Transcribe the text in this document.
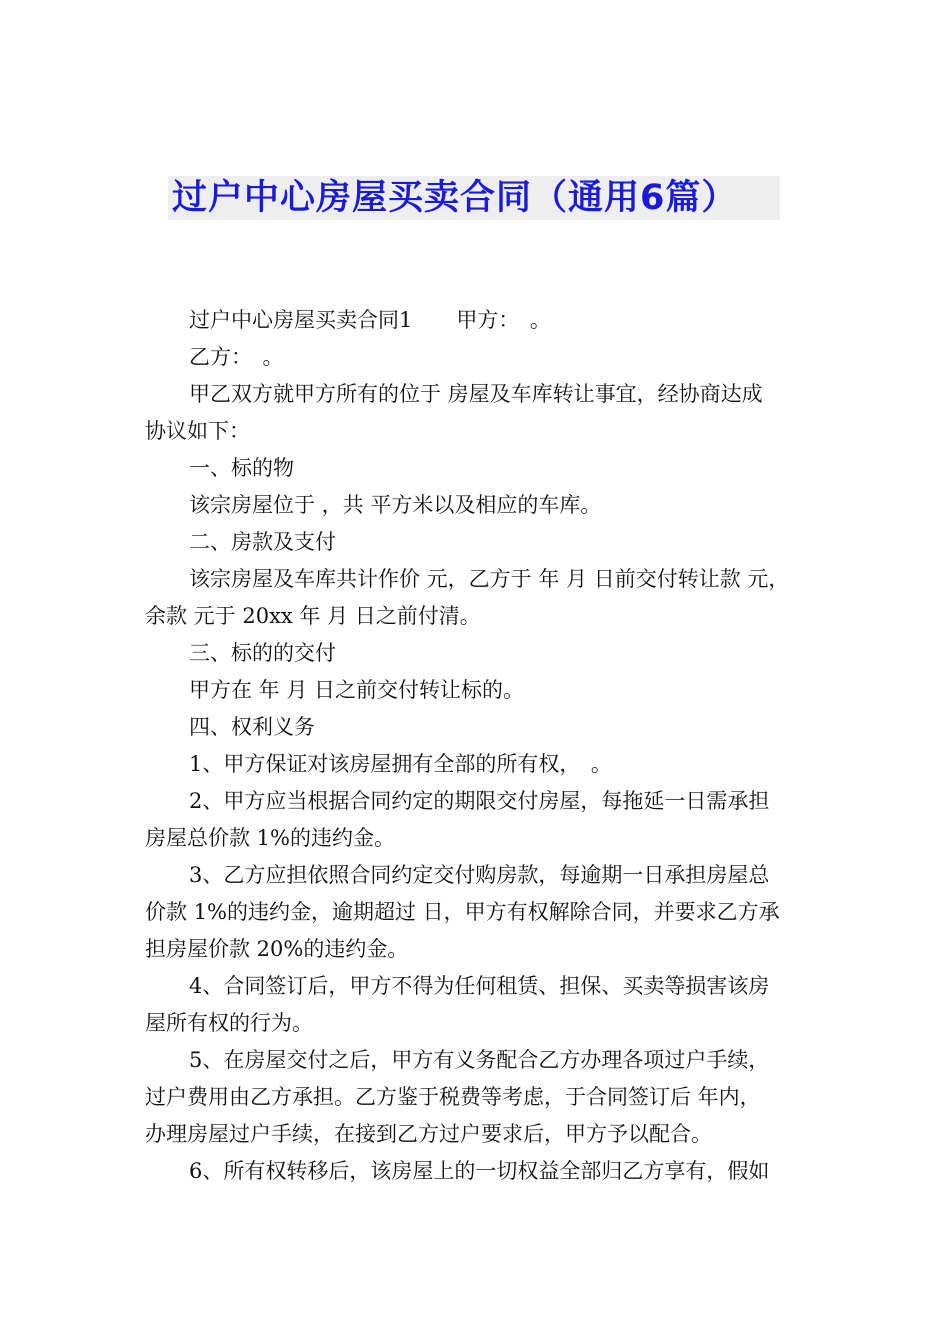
过户中心房屋买卖合同（通用6篇）

过户中心房屋买卖合同1 甲方：　。

乙方：　。

甲乙双方就甲方所有的位于 房屋及车库转让事宜，经协商达成
协议如下：

一、标的物

该宗房屋位于 ，共 平方米以及相应的车库。

二、房款及支付

该宗房屋及车库共计作价 元，乙方于 年 月 日前交付转让款 元，
余款 元于 20xx 年 月 日之前付清。

三、标的的交付

甲方在 年 月 日之前交付转让标的。

四、权利义务

1、甲方保证对该房屋拥有全部的所有权，　。

2、甲方应当根据合同约定的期限交付房屋，每拖延一日需承担
房屋总价款 1%的违约金。

3、乙方应担依照合同约定交付购房款，每逾期一日承担房屋总
价款 1%的违约金，逾期超过 日，甲方有权解除合同，并要求乙方承
担房屋价款 20%的违约金。

4、合同签订后，甲方不得为任何租赁、担保、买卖等损害该房
屋所有权的行为。

5、在房屋交付之后，甲方有义务配合乙方办理各项过户手续，
过户费用由乙方承担。乙方鉴于税费等考虑，于合同签订后 年内，
办理房屋过户手续，在接到乙方过户要求后，甲方予以配合。

6、所有权转移后，该房屋上的一切权益全部归乙方享有，假如
